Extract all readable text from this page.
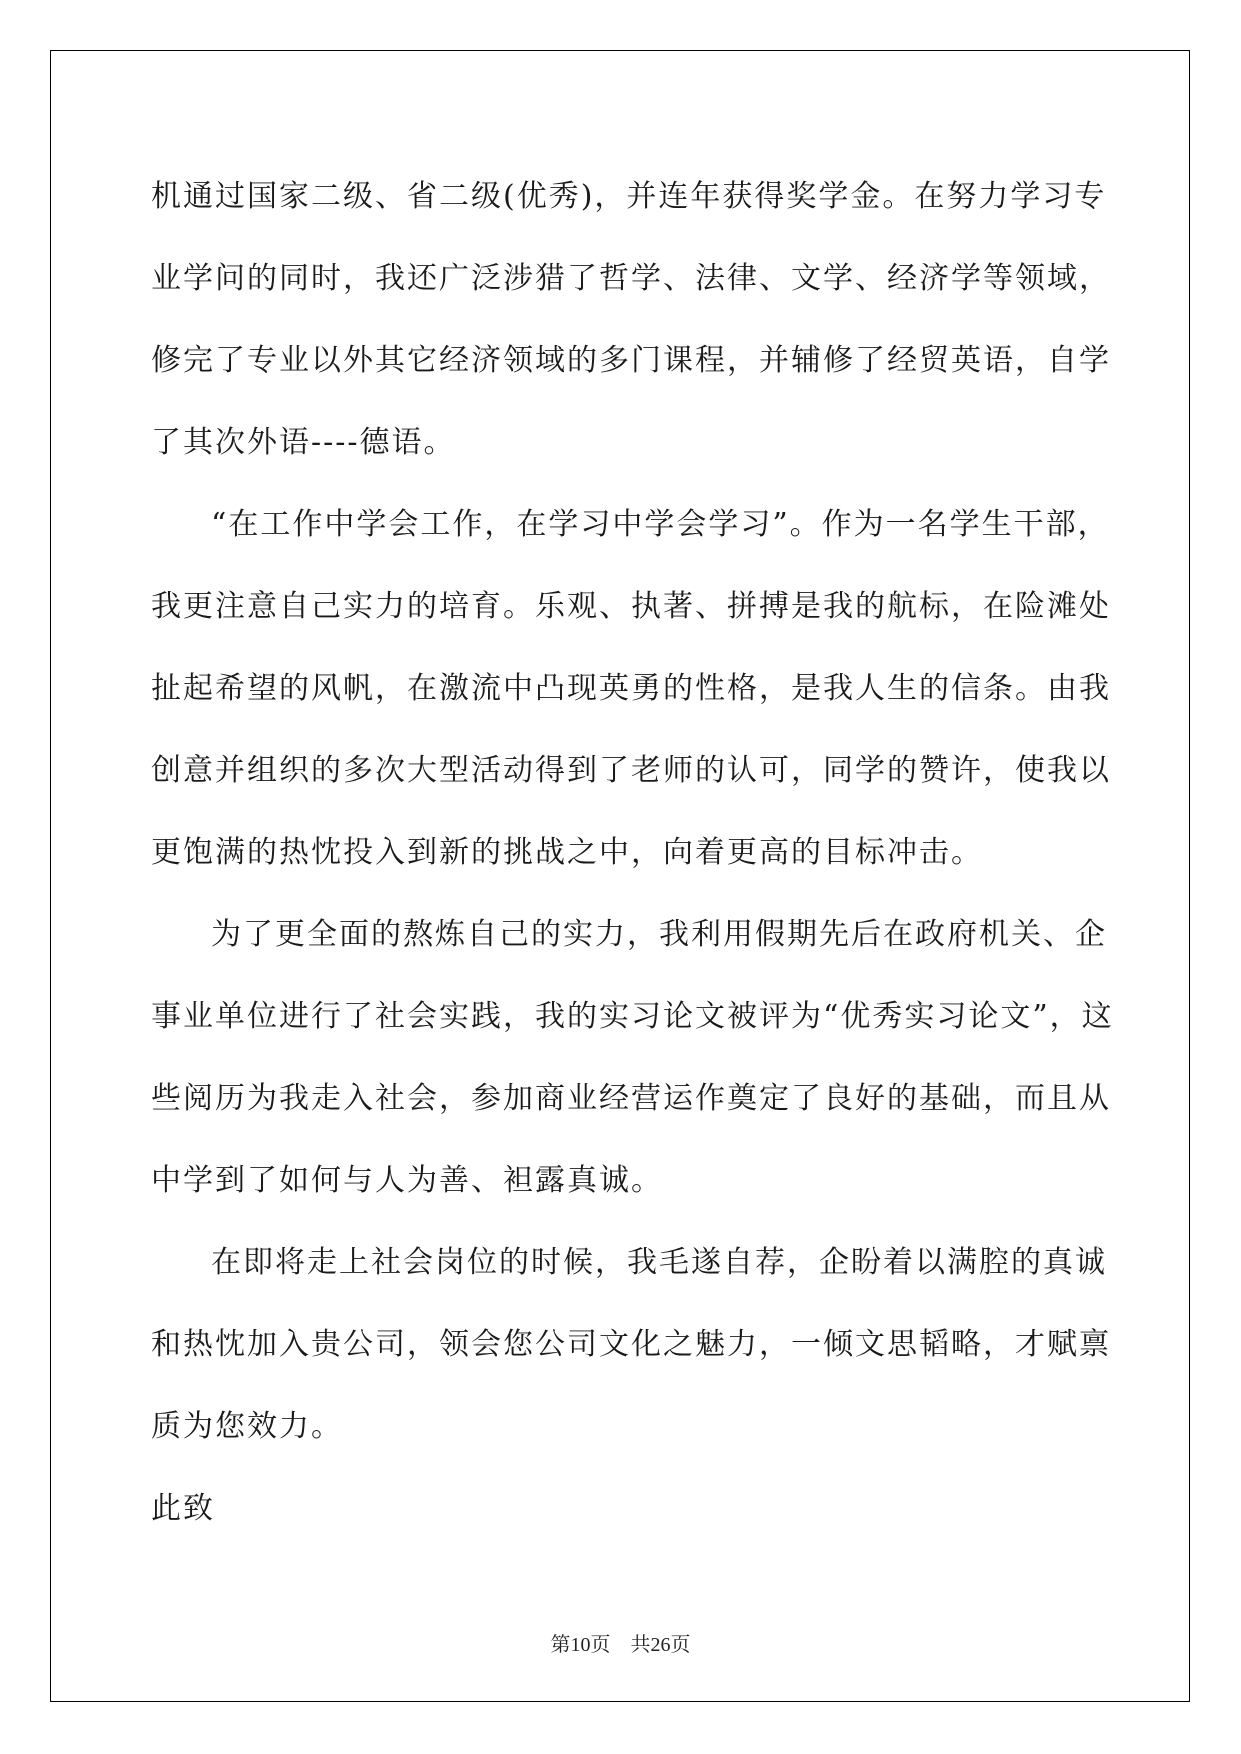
机通过国家二级、省二级(优秀)，并连年获得奖学金。在努力学习专
业学问的同时，我还广泛涉猎了哲学、法律、文学、经济学等领域，
修完了专业以外其它经济领域的多门课程，并辅修了经贸英语，自学
了其次外语----德语。
“在工作中学会工作，在学习中学会学习”。作为一名学生干部，
我更注意自己实力的培育。乐观、执著、拼搏是我的航标，在险滩处
扯起希望的风帆，在激流中凸现英勇的性格，是我人生的信条。由我
创意并组织的多次大型活动得到了老师的认可，同学的赞许，使我以
更饱满的热忱投入到新的挑战之中，向着更高的目标冲击。
为了更全面的熬炼自己的实力，我利用假期先后在政府机关、企
事业单位进行了社会实践，我的实习论文被评为“优秀实习论文”，这
些阅历为我走入社会，参加商业经营运作奠定了良好的基础，而且从
中学到了如何与人为善、袒露真诚。
在即将走上社会岗位的时候，我毛遂自荐，企盼着以满腔的真诚
和热忱加入贵公司，领会您公司文化之魅力，一倾文思韬略，才赋禀
质为您效力。
此致
第10页 共26页
